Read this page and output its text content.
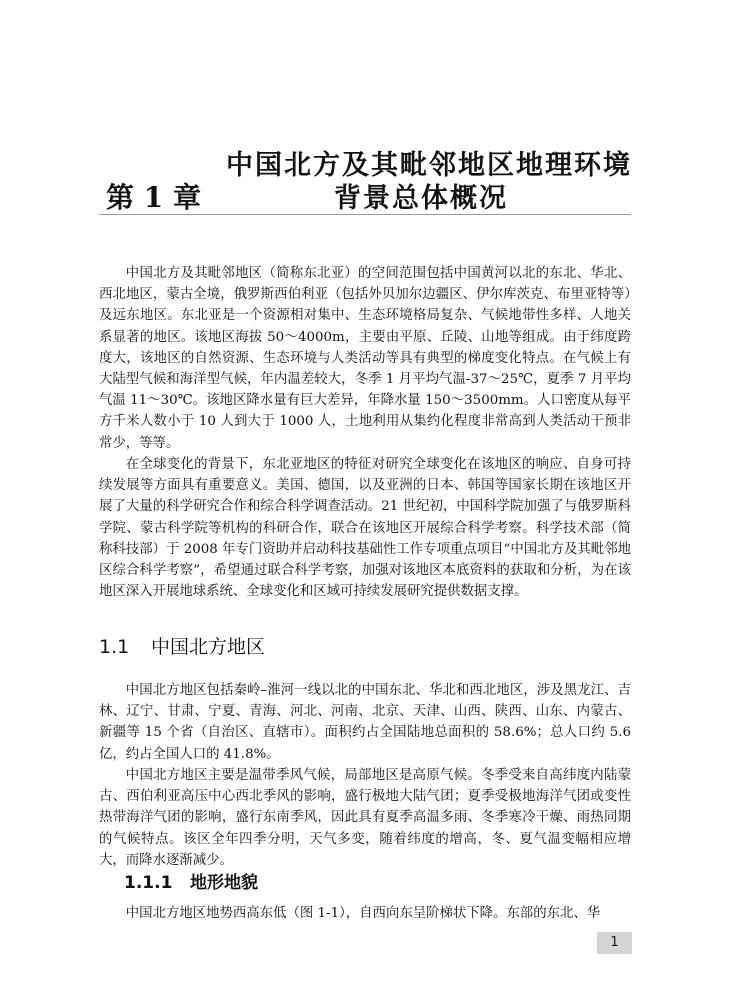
中国北方及其毗邻地区地理环境
第 1 章	背景总体概况

中国北方及其毗邻地区（简称东北亚）的空间范围包括中国黄河以北的东北、华北、西北地区，蒙古全境，俄罗斯西伯利亚（包括外贝加尔边疆区、伊尔库茨克、布里亚特等）及远东地区。东北亚是一个资源相对集中、生态环境格局复杂、气候地带性多样、人地关系显著的地区。该地区海拔 50～4000m，主要由平原、丘陵、山地等组成。由于纬度跨度大，该地区的自然资源、生态环境与人类活动等具有典型的梯度变化特点。在气候上有大陆型气候和海洋型气候，年内温差较大，冬季 1 月平均气温-37～25℃，夏季 7 月平均气温 11～30℃。该地区降水量有巨大差异，年降水量 150～3500mm。人口密度从每平方千米人数小于 10 人到大于 1000 人，土地利用从集约化程度非常高到人类活动干预非常少，等等。

在全球变化的背景下，东北亚地区的特征对研究全球变化在该地区的响应、自身可持续发展等方面具有重要意义。美国、德国，以及亚洲的日本、韩国等国家长期在该地区开展了大量的科学研究合作和综合科学调查活动。21 世纪初，中国科学院加强了与俄罗斯科学院、蒙古科学院等机构的科研合作，联合在该地区开展综合科学考察。科学技术部（简称科技部）于 2008 年专门资助并启动科技基础性工作专项重点项目“中国北方及其毗邻地区综合科学考察”，希望通过联合科学考察，加强对该地区本底资料的获取和分析，为在该地区深入开展地球系统、全球变化和区域可持续发展研究提供数据支撑。

1.1 中国北方地区

中国北方地区包括秦岭–淮河一线以北的中国东北、华北和西北地区，涉及黑龙江、吉林、辽宁、甘肃、宁夏、青海、河北、河南、北京、天津、山西、陕西、山东、内蒙古、新疆等 15 个省（自治区、直辖市）。面积约占全国陆地总面积的 58.6%；总人口约 5.6 亿，约占全国人口的 41.8%。

中国北方地区主要是温带季风气候，局部地区是高原气候。冬季受来自高纬度内陆蒙古、西伯利亚高压中心西北季风的影响，盛行极地大陆气团；夏季受极地海洋气团或变性热带海洋气团的影响，盛行东南季风，因此具有夏季高温多雨、冬季寒冷干燥、雨热同期的气候特点。该区全年四季分明，天气多变，随着纬度的增高，冬、夏气温变幅相应增大，而降水逐渐减少。

1.1.1 地形地貌

中国北方地区地势西高东低（图 1-1），自西向东呈阶梯状下降。东部的东北、华

1
